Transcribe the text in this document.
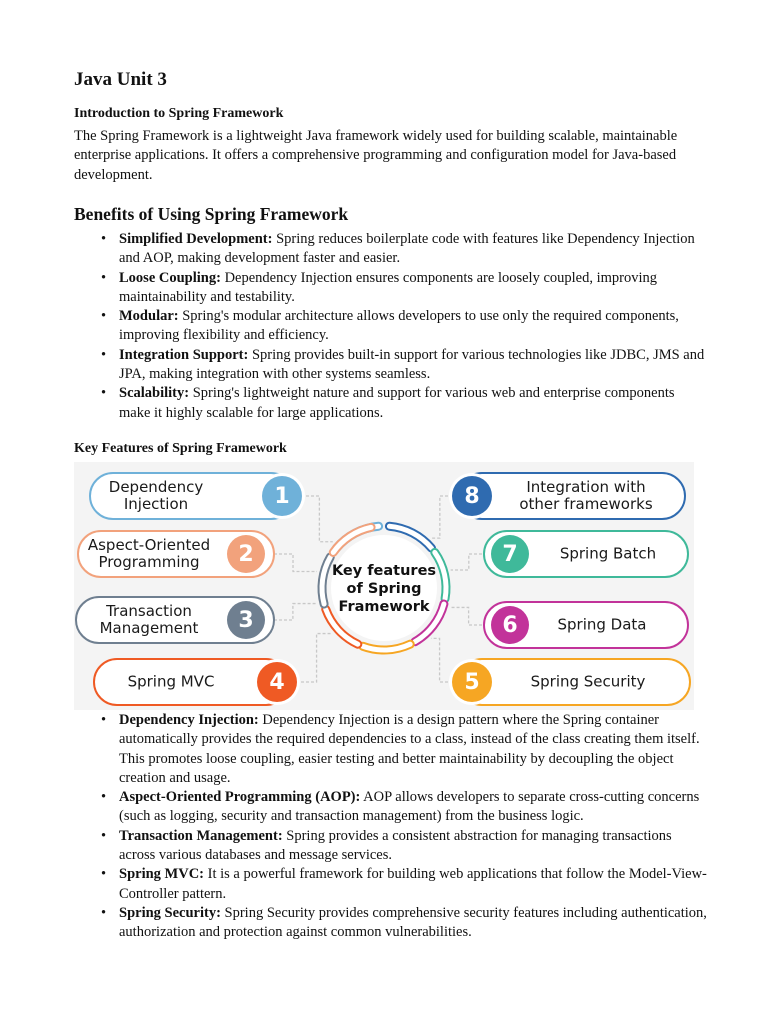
Java Unit 3
Introduction to Spring Framework

The Spring Framework is a lightweight Java framework widely used for building scalable, maintainable enterprise applications. It offers a comprehensive programming and configuration model for Java-based development.

Benefits of Using Spring Framework
• Simplified Development: Spring reduces boilerplate code with features like Dependency Injection and AOP, making development faster and easier.
• Loose Coupling: Dependency Injection ensures components are loosely coupled, improving maintainability and testability.
• Modular: Spring's modular architecture allows developers to use only the required components, improving flexibility and efficiency.
• Integration Support: Spring provides built-in support for various technologies like JDBC, JMS and JPA, making integration with other systems seamless.
• Scalability: Spring's lightweight nature and support for various web and enterprise components make it highly scalable for large applications.
Key Features of Spring Framework
Key features
of Spring
Framework
1
Dependency
Injection
2
Aspect-Oriented
Programming
3
Transaction
Management
4
Spring MVC	5	Spring Security
6	Spring Data
7	Spring Batch
8	Integration with
other frameworks
• Dependency Injection: Dependency Injection is a design pattern where the Spring container automatically provides the required dependencies to a class, instead of the class creating them itself. This promotes loose coupling, easier testing and better maintainability by decoupling the object creation and usage.
• Aspect-Oriented Programming (AOP): AOP allows developers to separate cross-cutting concerns (such as logging, security and transaction management) from the business logic.
• Transaction Management: Spring provides a consistent abstraction for managing transactions across various databases and message services.
• Spring MVC: It is a powerful framework for building web applications that follow the Model-View-Controller pattern.
• Spring Security: Spring Security provides comprehensive security features including authentication, authorization and protection against common vulnerabilities.
